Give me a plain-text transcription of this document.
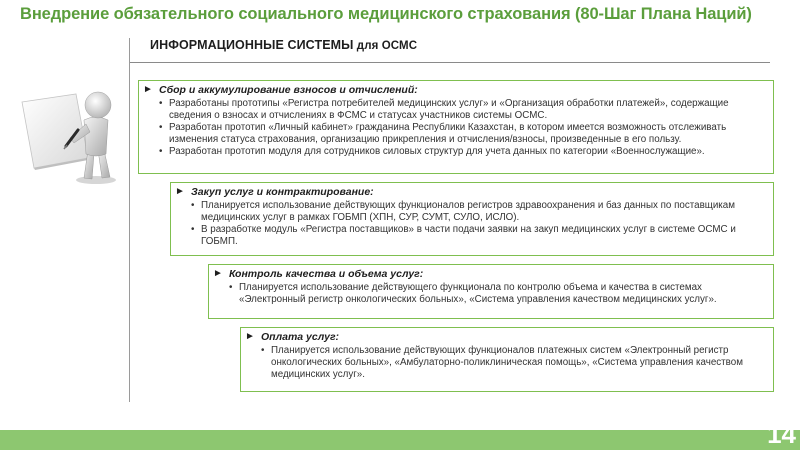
Внедрение обязательного социального медицинского страхования (80-Шаг Плана Наций)
ИНФОРМАЦИОННЫЕ СИСТЕМЫ для ОСМС
► Сбор и аккумулирование взносов и отчислений:
• Разработаны прототипы «Регистра потребителей медицинских услуг» и «Организация обработки платежей», содержащие сведения о взносах и отчислениях в ФСМС и статусах участников системы ОСМС.
• Разработан прототип «Личный кабинет» гражданина Республики Казахстан, в котором имеется возможность отслеживать изменения статуса страхования, организацию прикрепления и отчисления/взносы, произведенные в его пользу.
• Разработан прототип модуля для сотрудников силовых структур для учета данных по категории «Военнослужащие».
► Закуп услуг и контрактирование:
• Планируется использование действующих функционалов регистров здравоохранения и баз данных по поставщикам медицинских услуг в рамках ГОБМП (ХПН, СУР, СУМТ, СУЛО, ИСЛО).
• В разработке модуль «Регистра поставщиков» в части подачи заявки на закуп медицинских услуг в системе ОСМС и ГОБМП.
► Контроль качества и объема услуг:
• Планируется использование действующего функционала по контролю объема и качества в системах «Электронный регистр онкологических больных», «Система управления качеством медицинских услуг».
► Оплата услуг:
• Планируется использование действующих функционалов платежных систем «Электронный регистр онкологических больных», «Амбулаторно-поликлиническая помощь», «Система управления качеством медицинских услуг».
14
